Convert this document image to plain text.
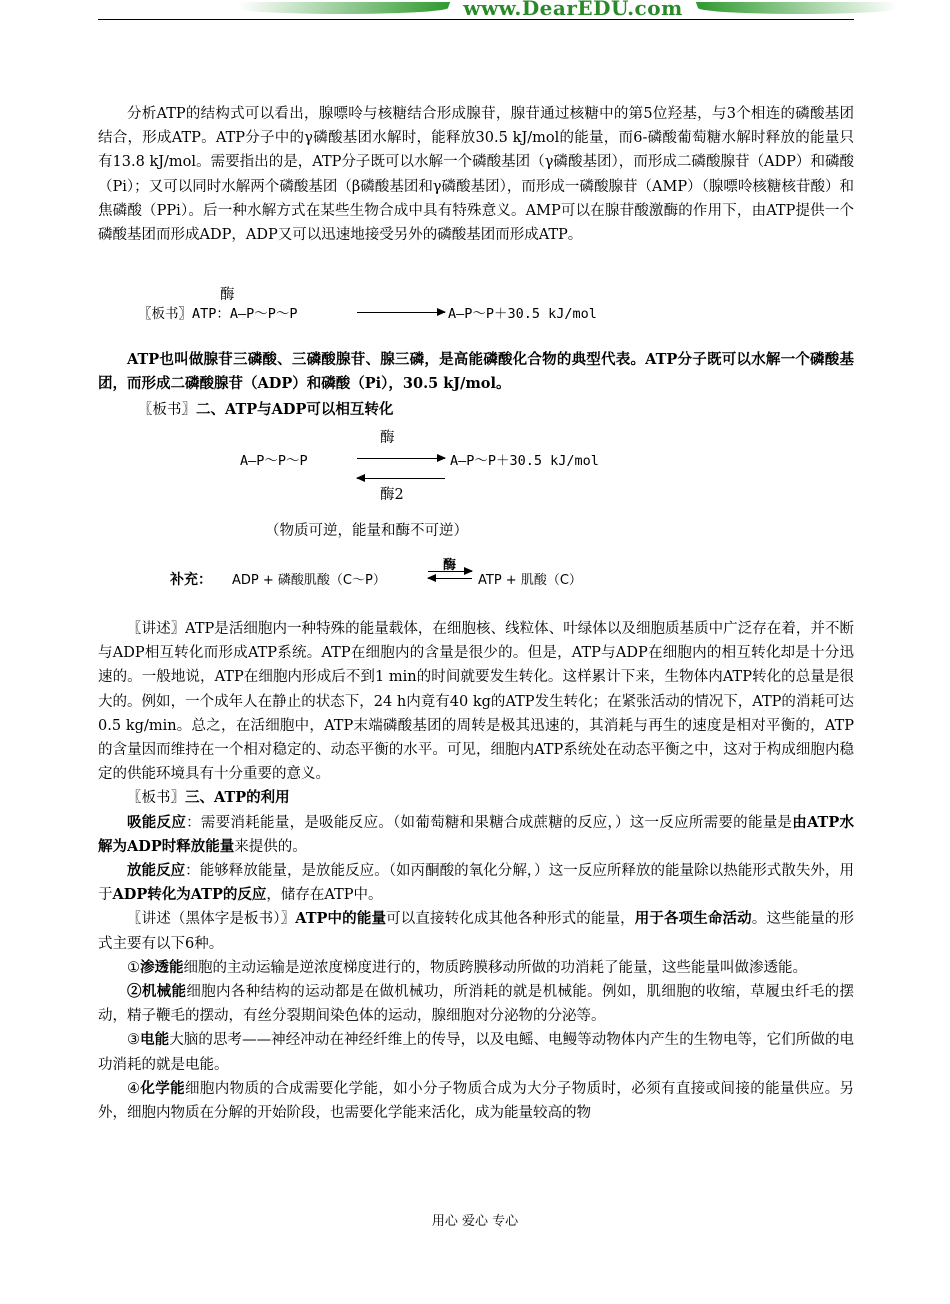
www.DearEDU.com

分析ATP的结构式可以看出，腺嘌呤与核糖结合形成腺苷，腺苷通过核糖中的第5位羟基，与3个相连的磷酸基团结合，形成ATP。ATP分子中的γ磷酸基团水解时，能释放30.5 kJ/mol的能量，而6-磷酸葡萄糖水解时释放的能量只有13.8 kJ/mol。需要指出的是，ATP分子既可以水解一个磷酸基团（γ磷酸基团），而形成二磷酸腺苷（ADP）和磷酸（Pi）；又可以同时水解两个磷酸基团（β磷酸基团和γ磷酸基团），而形成一磷酸腺苷（AMP）（腺嘌呤核糖核苷酸）和焦磷酸（PPi）。后一种水解方式在某些生物合成中具有特殊意义。AMP可以在腺苷酸激酶的作用下，由ATP提供一个磷酸基团而形成ADP，ADP又可以迅速地接受另外的磷酸基团而形成ATP。

酶
〖板书〗ATP：A—P～P～P	A—P～P＋30.5 kJ/mol

ATP也叫做腺苷三磷酸、三磷酸腺苷、腺三磷，是高能磷酸化合物的典型代表。ATP分子既可以水解一个磷酸基团，而形成二磷酸腺苷（ADP）和磷酸（Pi），30.5 kJ/mol。

〖板书〗二、ATP与ADP可以相互转化
酶
A—P～P～P	A—P～P＋30.5 kJ/mol
酶2
（物质可逆，能量和酶不可逆）
补充： ADP + 磷酸肌酸（C～P）
酶
ATP + 肌酸（C）

〖讲述〗ATP是活细胞内一种特殊的能量载体，在细胞核、线粒体、叶绿体以及细胞质基质中广泛存在着，并不断与ADP相互转化而形成ATP系统。ATP在细胞内的含量是很少的。但是，ATP与ADP在细胞内的相互转化却是十分迅速的。一般地说，ATP在细胞内形成后不到1 min的时间就要发生转化。这样累计下来，生物体内ATP转化的总量是很大的。例如，一个成年人在静止的状态下，24 h内竟有40 kg的ATP发生转化；在紧张活动的情况下，ATP的消耗可达0.5 kg/min。总之，在活细胞中，ATP末端磷酸基团的周转是极其迅速的，其消耗与再生的速度是相对平衡的，ATP的含量因而维持在一个相对稳定的、动态平衡的水平。可见，细胞内ATP系统处在动态平衡之中，这对于构成细胞内稳定的供能环境具有十分重要的意义。

〖板书〗三、ATP的利用

吸能反应：需要消耗能量，是吸能反应。（如葡萄糖和果糖合成蔗糖的反应，）这一反应所需要的能量是由ATP水解为ADP时释放能量来提供的。

放能反应：能够释放能量，是放能反应。（如丙酮酸的氧化分解，）这一反应所释放的能量除以热能形式散失外，用于ADP转化为ATP的反应，储存在ATP中。

〖讲述（黑体字是板书）〗ATP中的能量可以直接转化成其他各种形式的能量，用于各项生命活动。这些能量的形式主要有以下6种。

①渗透能细胞的主动运输是逆浓度梯度进行的，物质跨膜移动所做的功消耗了能量，这些能量叫做渗透能。

②机械能细胞内各种结构的运动都是在做机械功，所消耗的就是机械能。例如，肌细胞的收缩，草履虫纤毛的摆动，精子鞭毛的摆动，有丝分裂期间染色体的运动，腺细胞对分泌物的分泌等。

③电能大脑的思考——神经冲动在神经纤维上的传导，以及电鳐、电鳗等动物体内产生的生物电等，它们所做的电功消耗的就是电能。

④化学能细胞内物质的合成需要化学能，如小分子物质合成为大分子物质时，必须有直接或间接的能量供应。另外，细胞内物质在分解的开始阶段，也需要化学能来活化，成为能量较高的物

用心 爱心 专心
